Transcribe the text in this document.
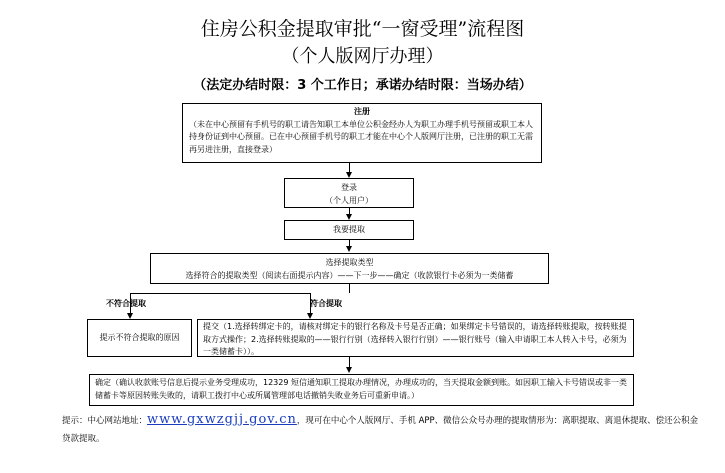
住房公积金提取审批“一窗受理”流程图
（个人版网厅办理）
（法定办结时限：3 个工作日；承诺办结时限：当场办结）
注册
（未在中心预留有手机号的职工请告知职工本单位公积金经办人为职工办理手机号预留或职工本人持身份证到中心预留。已在中心预留手机号的职工才能在中心个人版网厅注册，已注册的职工无需再另进注册，直接登录）
登录
（个人用户）
我要提取
选择提取类型
选择符合的提取类型（阅读右面提示内容）——下一步——确定（收款银行卡必须为一类储蓄
不符合提取	符合提取
提示不符合提取的原因
提交（1.选择转绑定卡的，请核对绑定卡的银行名称及卡号是否正确；如果绑定卡号错误的，请选择转账提取，按转账提取方式操作；2.选择转账提取的——银行行别（选择转入银行行别）——银行账号（输入申请职工本人转入卡号，必须为一类储蓄卡））。
确定（确认收款账号信息后提示业务受理成功，12329 短信通知职工提取办理情况，办理成功的，当天提取金额到账。如因职工输入卡号错误或非一类储蓄卡等原因转账失败的，请职工拨打中心或所属管理部电话撤销失败业务后可重新申请。）
提示：中心网站地址：www.gxwzgjj.gov.cn，现可在中心个人版网厅、手机 APP、微信公众号办理的提取情形为：离职提取、离退休提取、偿还公积金贷款提取。
